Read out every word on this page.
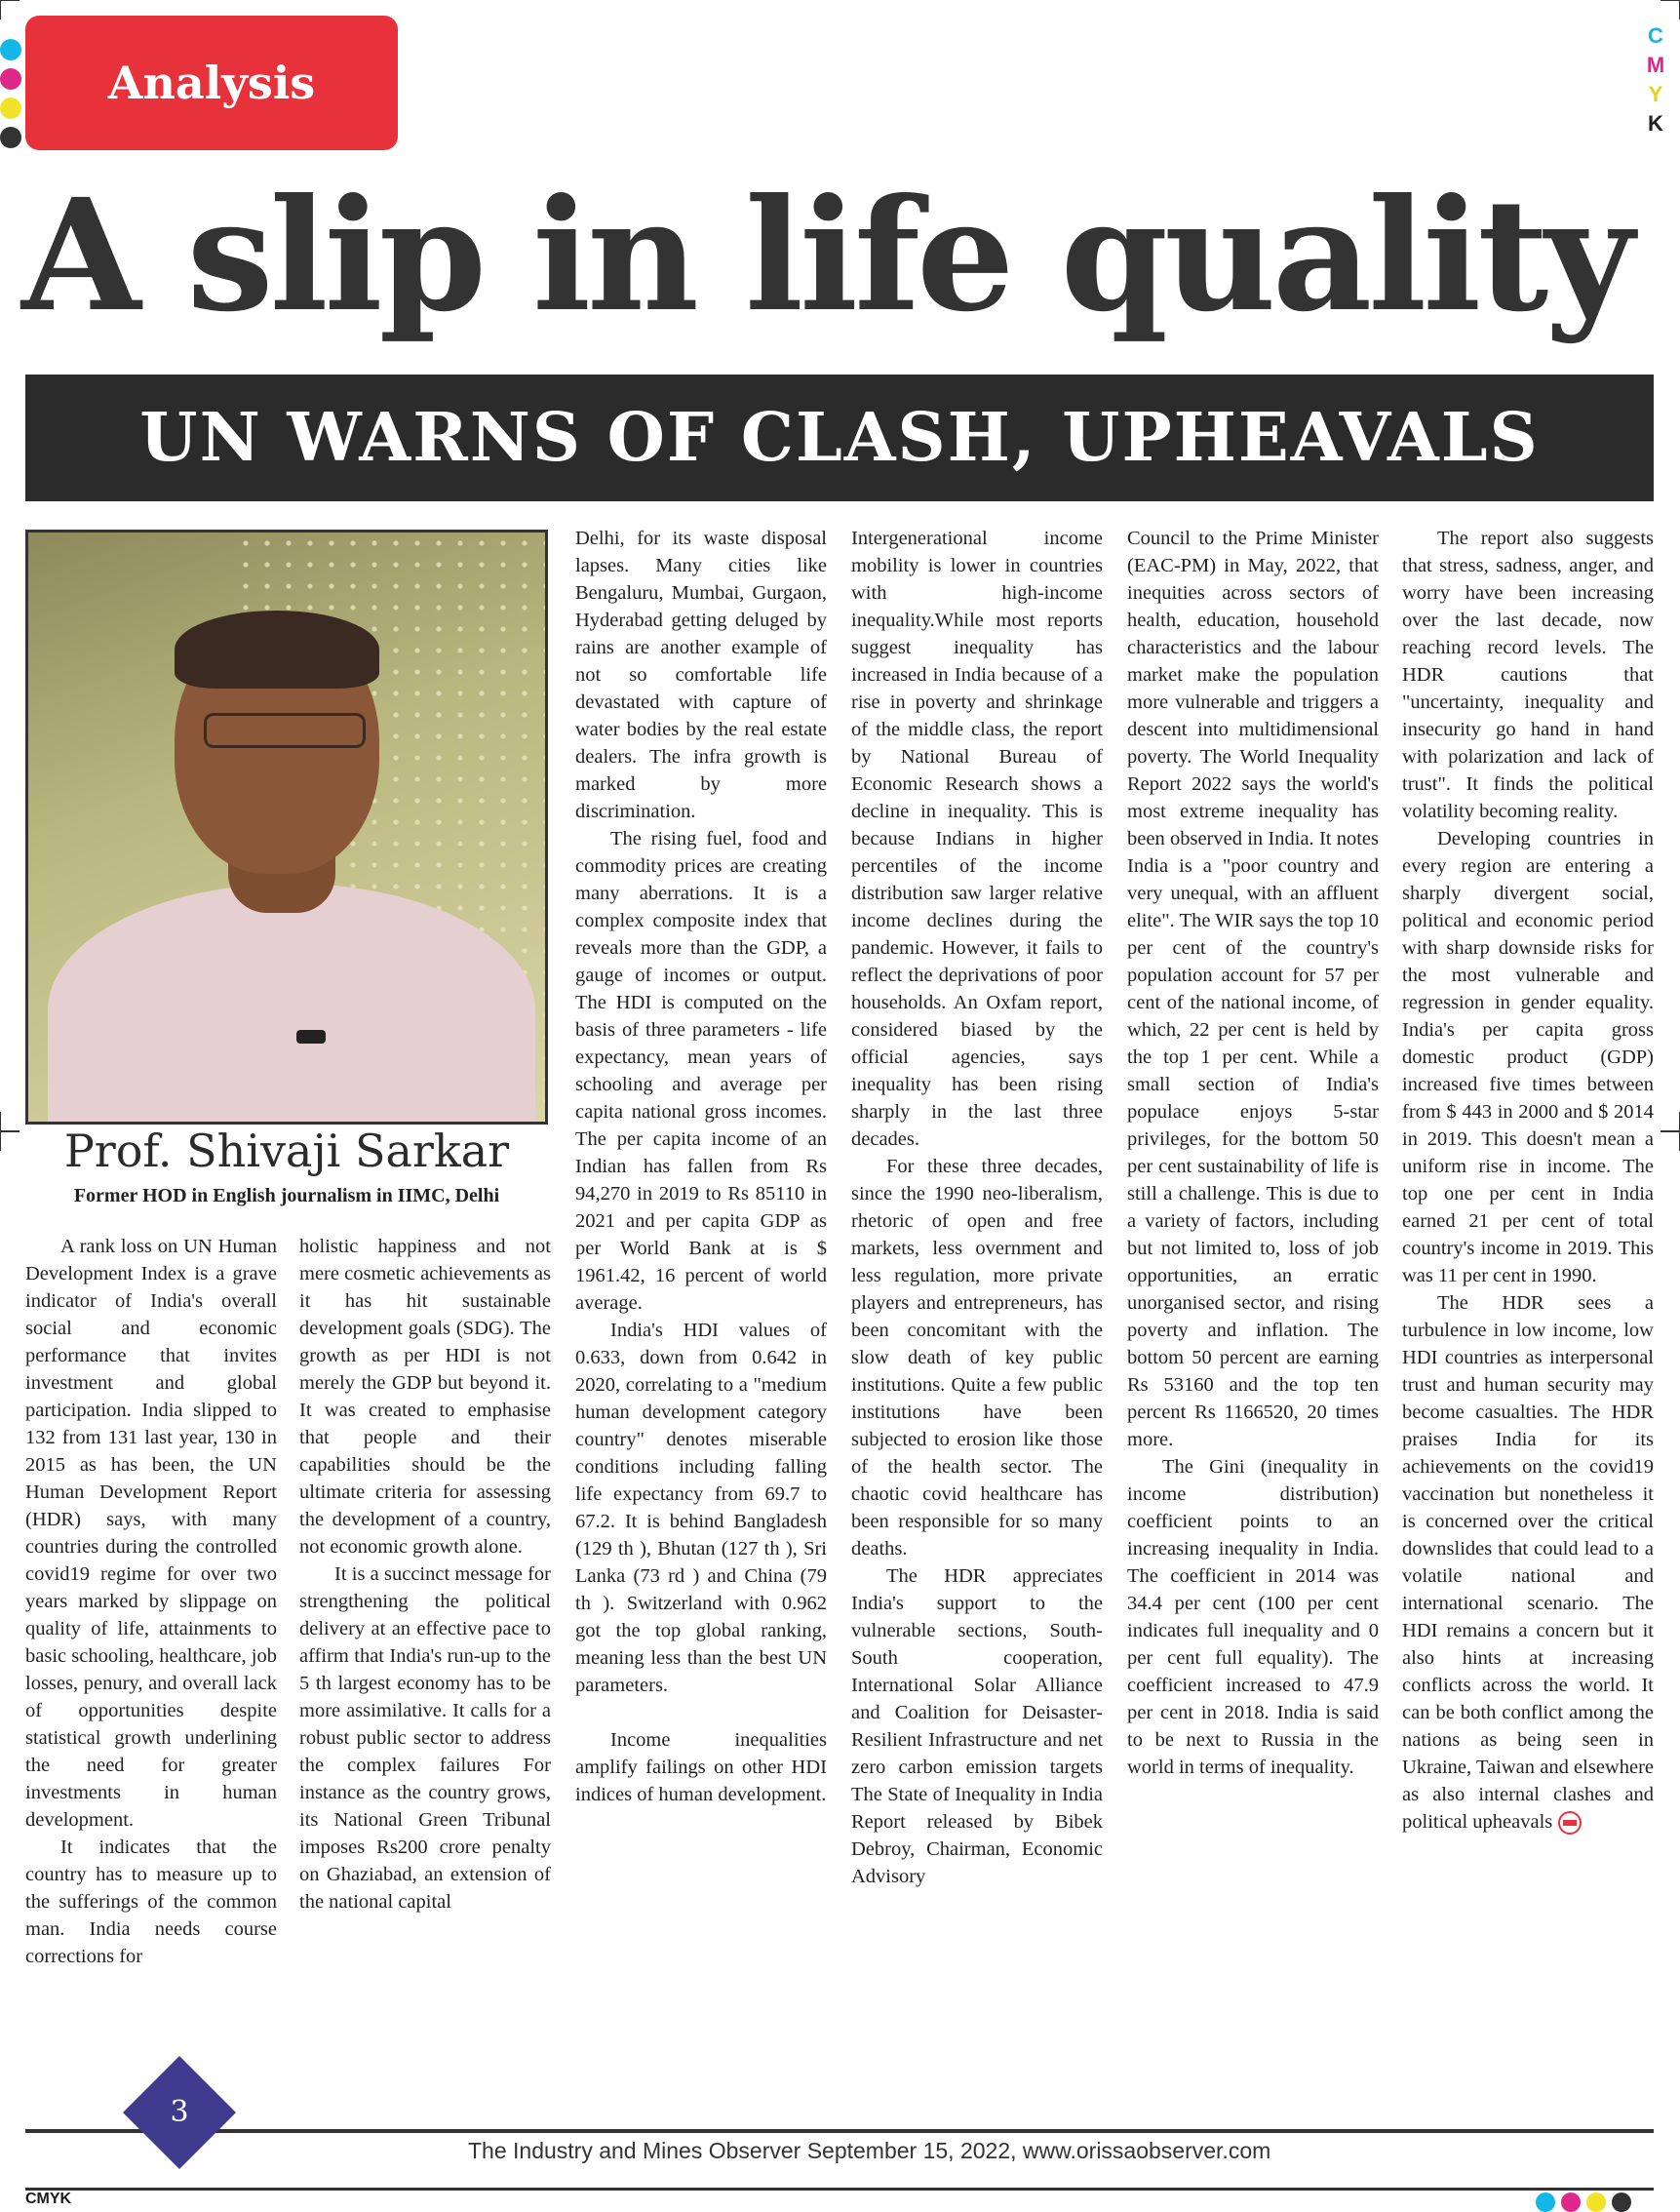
C
M
Y
K
Analysis
A slip in life quality
UN WARNS OF CLASH, UPHEAVALS
Prof. Shivaji Sarkar
Former HOD in English journalism in IIMC, Delhi

A rank loss on UN Human Development Index is a grave indicator of India's overall social and economic performance that invites investment and global participation. India slipped to 132 from 131 last year, 130 in 2015 as has been, the UN Human Development Report (HDR) says, with many countries during the controlled covid19 regime for over two years marked by slippage on quality of life, attainments to basic schooling, healthcare, job losses, penury, and overall lack of opportunities despite statistical growth underlining the need for greater investments in human development.

It indicates that the country has to measure up to the sufferings of the common man. India needs course corrections for

holistic happiness and not mere cosmetic achievements as it has hit sustainable development goals (SDG). The growth as per HDI is not merely the GDP but beyond it. It was created to emphasise that people and their capabilities should be the ultimate criteria for assessing the development of a country, not economic growth alone.

It is a succinct message for strengthening the political delivery at an effective pace to affirm that India's run-up to the 5 th largest economy has to be more assimilative. It calls for a robust public sector to address the complex failures For instance as the country grows, its National Green Tribunal imposes Rs200 crore penalty on Ghaziabad, an extension of the national capital

Delhi, for its waste disposal lapses. Many cities like Bengaluru, Mumbai, Gurgaon, Hyderabad getting deluged by rains are another example of not so comfortable life devastated with capture of water bodies by the real estate dealers. The infra growth is marked by more discrimination.

The rising fuel, food and commodity prices are creating many aberrations. It is a complex composite index that reveals more than the GDP, a gauge of incomes or output. The HDI is computed on the basis of three parameters - life expectancy, mean years of schooling and average per capita national gross incomes. The per capita income of an Indian has fallen from Rs 94,270 in 2019 to Rs 85110 in 2021 and per capita GDP as per World Bank at is $ 1961.42, 16 percent of world average.

India's HDI values of 0.633, down from 0.642 in 2020, correlating to a "medium human development category country" denotes miserable conditions including falling life expectancy from 69.7 to 67.2. It is behind Bangladesh (129 th ), Bhutan (127 th ), Sri Lanka (73 rd ) and China (79 th ). Switzerland with 0.962 got the top global ranking, meaning less than the best UN parameters.

Income inequalities amplify failings on other HDI indices of human development.

Intergenerational income mobility is lower in countries with high-income inequality.While most reports suggest inequality has increased in India because of a rise in poverty and shrinkage of the middle class, the report by National Bureau of Economic Research shows a decline in inequality. This is because Indians in higher percentiles of the income distribution saw larger relative income declines during the pandemic. However, it fails to reflect the deprivations of poor households. An Oxfam report, considered biased by the official agencies, says inequality has been rising sharply in the last three decades.

For these three decades, since the 1990 neo-liberalism, rhetoric of open and free markets, less overnment and less regulation, more private players and entrepreneurs, has been concomitant with the slow death of key public institutions. Quite a few public institutions have been subjected to erosion like those of the health sector. The chaotic covid healthcare has been responsible for so many deaths.

The HDR appreciates India's support to the vulnerable sections, South-South cooperation, International Solar Alliance and Coalition for Deisaster-Resilient Infrastructure and net zero carbon emission targets The State of Inequality in India Report released by Bibek Debroy, Chairman, Economic Advisory

Council to the Prime Minister (EAC-PM) in May, 2022, that inequities across sectors of health, education, household characteristics and the labour market make the population more vulnerable and triggers a descent into multidimensional poverty. The World Inequality Report 2022 says the world's most extreme inequality has been observed in India. It notes India is a "poor country and very unequal, with an affluent elite". The WIR says the top 10 per cent of the country's population account for 57 per cent of the national income, of which, 22 per cent is held by the top 1 per cent. While a small section of India's populace enjoys 5-star privileges, for the bottom 50 per cent sustainability of life is still a challenge. This is due to a variety of factors, including but not limited to, loss of job opportunities, an erratic unorganised sector, and rising poverty and inflation. The bottom 50 percent are earning Rs 53160 and the top ten percent Rs 1166520, 20 times more.

The Gini (inequality in income distribution) coefficient points to an increasing inequality in India. The coefficient in 2014 was 34.4 per cent (100 per cent indicates full inequality and 0 per cent full equality). The coefficient increased to 47.9 per cent in 2018. India is said to be next to Russia in the world in terms of inequality.

The report also suggests that stress, sadness, anger, and worry have been increasing over the last decade, now reaching record levels. The HDR cautions that "uncertainty, inequality and insecurity go hand in hand with polarization and lack of trust". It finds the political volatility becoming reality.

Developing countries in every region are entering a sharply divergent social, political and economic period with sharp downside risks for the most vulnerable and regression in gender equality. India's per capita gross domestic product (GDP) increased five times between from $ 443 in 2000 and $ 2014 in 2019. This doesn't mean a uniform rise in income. The top one per cent in India earned 21 per cent of total country's income in 2019. This was 11 per cent in 1990.

The HDR sees a turbulence in low income, low HDI countries as interpersonal trust and human security may become casualties. The HDR praises India for its achievements on the covid19 vaccination but nonetheless it is concerned over the critical downslides that could lead to a volatile national and international scenario. The HDI remains a concern but it also hints at increasing conflicts across the world. It can be both conflict among the nations as being seen in Ukraine, Taiwan and elsewhere as also internal clashes and political upheavals

3
The Industry and Mines Observer September 15, 2022, www.orissaobserver.com
CMYK
